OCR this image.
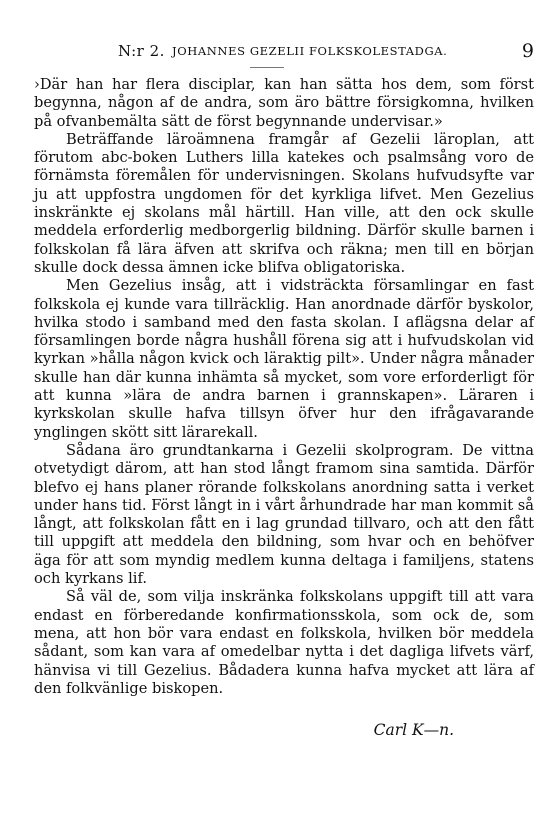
N:r 2. JOHANNES GEZELII FOLKSKOLESTADGA.	9

›Där han har flera disciplar, kan han sätta hos dem, som först begynna, någon af de andra, som äro bättre försigkomna, hvilken på ofvanbemälta sätt de först begynnande undervisar.»

Beträffande läroämnena framgår af Gezelii läroplan, att förutom abc-boken Luthers lilla katekes och psalmsång voro de förnämsta föremålen för undervisningen. Skolans hufvudsyfte var ju att uppfostra ungdomen för det kyrkliga lifvet. Men Gezelius inskränkte ej skolans mål härtill. Han ville, att den ock skulle meddela erforderlig medborgerlig bildning. Därför skulle barnen i folkskolan få lära äfven att skrifva och räkna; men till en början skulle dock dessa ämnen icke blifva obligatoriska.

Men Gezelius insåg, att i vidsträckta församlingar en fast folkskola ej kunde vara tillräcklig. Han anordnade därför byskolor, hvilka stodo i samband med den fasta skolan. I aflägsna delar af församlingen borde några hushåll förena sig att i hufvudskolan vid kyrkan »hålla någon kvick och läraktig pilt». Under några månader skulle han där kunna inhämta så mycket, som vore erforderligt för att kunna »lära de andra barnen i grannskapen». Läraren i kyrkskolan skulle hafva tillsyn öfver hur den ifrågavarande ynglingen skött sitt lärarekall.

Sådana äro grundtankarna i Gezelii skolprogram. De vittna otvetydigt därom, att han stod långt framom sina samtida. Därför blefvo ej hans planer rörande folkskolans anordning satta i verket under hans tid. Först långt in i vårt århundrade har man kommit så långt, att folkskolan fått en i lag grundad tillvaro, och att den fått till uppgift att meddela den bildning, som hvar och en behöfver äga för att som myndig medlem kunna deltaga i familjens, statens och kyrkans lif.

Så väl de, som vilja inskränka folkskolans uppgift till att vara endast en förberedande konfirmationsskola, som ock de, som mena, att hon bör vara endast en folkskola, hvilken bör meddela sådant, som kan vara af omedelbar nytta i det dagliga lifvets värf, hänvisa vi till Gezelius. Bådadera kunna hafva mycket att lära af den folkvänlige biskopen.

Carl K—n.
